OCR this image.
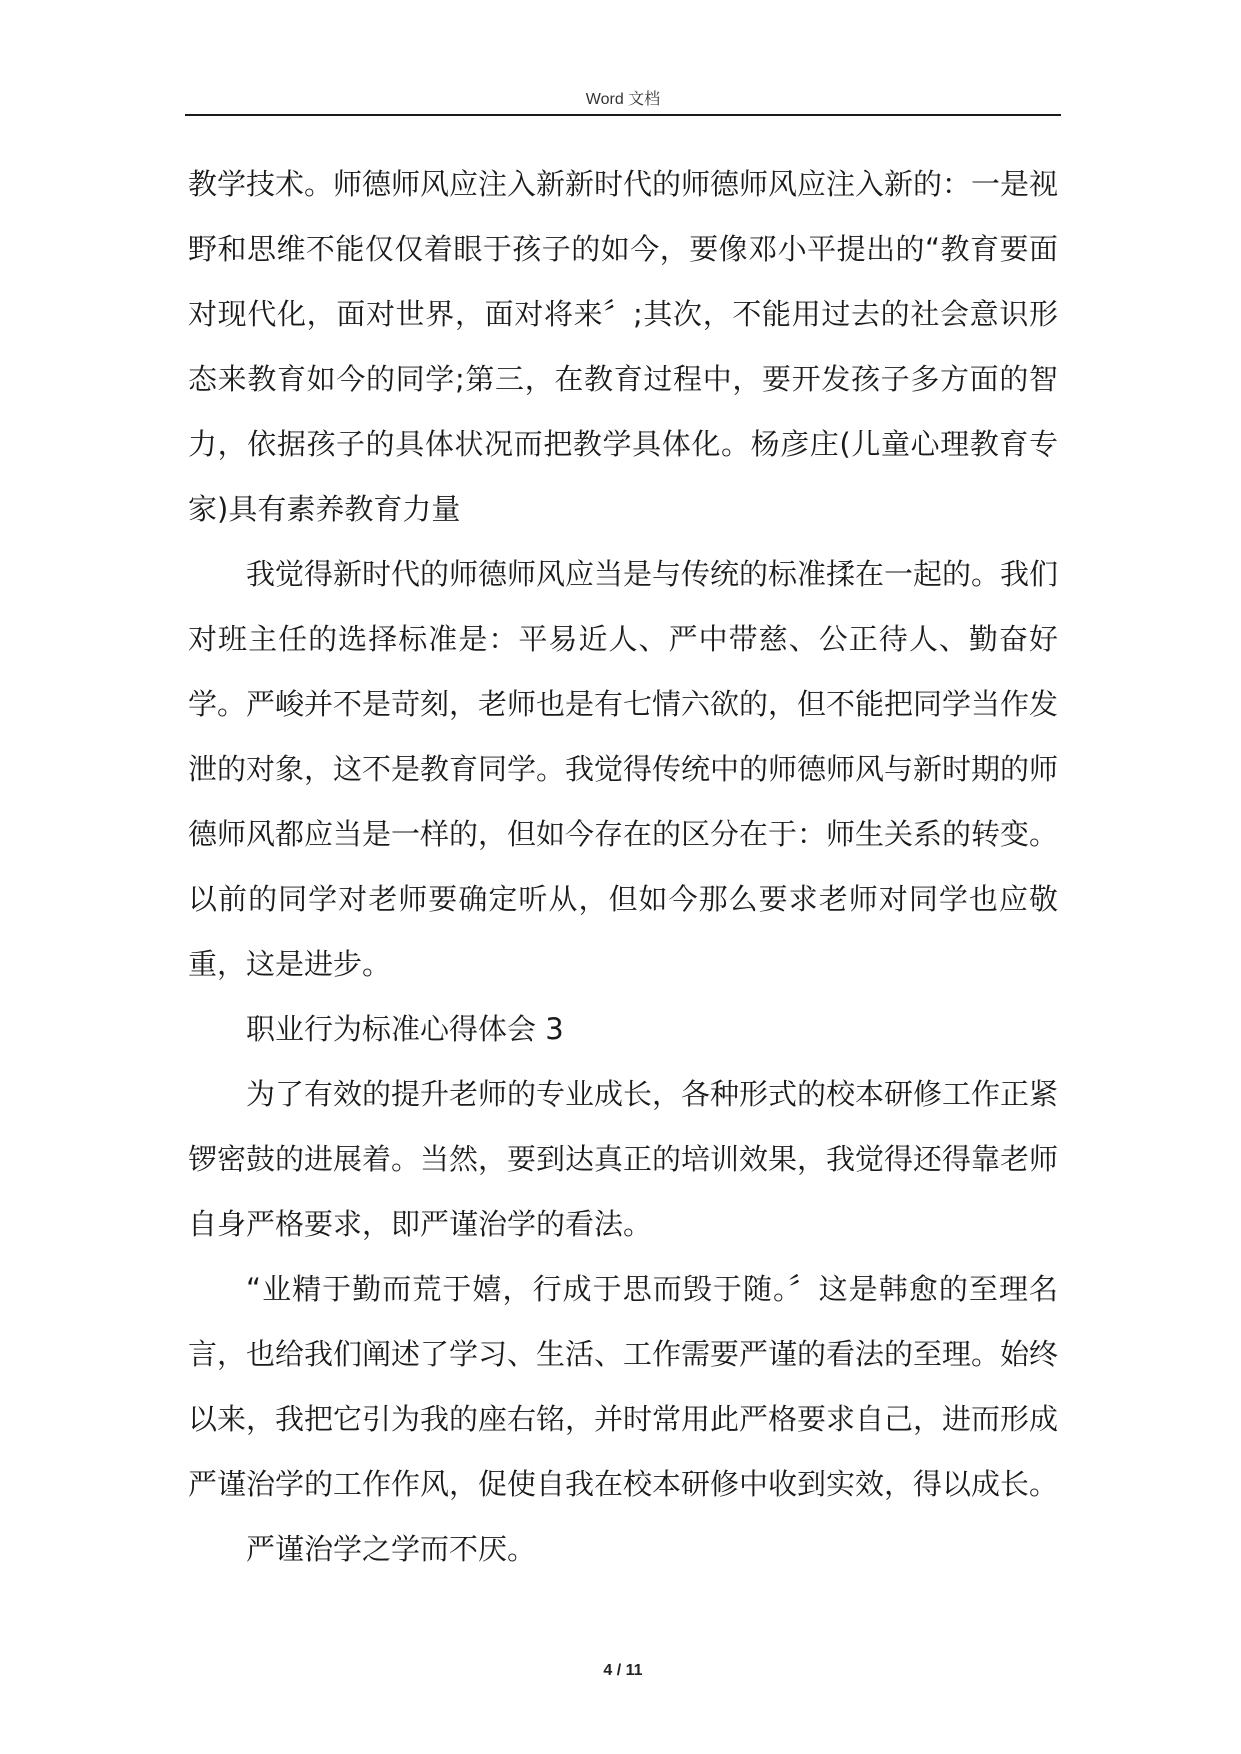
Word 文档

教学技术。师德师风应注入新新时代的师德师风应注入新的：一是视野和思维不能仅仅着眼于孩子的如今，要像邓小平提出的“教育要面对现代化，面对世界，面对将来〞;其次，不能用过去的社会意识形态来教育如今的同学;第三，在教育过程中，要开发孩子多方面的智力，依据孩子的具体状况而把教学具体化。杨彦庄(儿童心理教育专家)具有素养教育力量

我觉得新时代的师德师风应当是与传统的标准揉在一起的。我们对班主任的选择标准是：平易近人、严中带慈、公正待人、勤奋好学。严峻并不是苛刻，老师也是有七情六欲的，但不能把同学当作发泄的对象，这不是教育同学。我觉得传统中的师德师风与新时期的师德师风都应当是一样的，但如今存在的区分在于：师生关系的转变。以前的同学对老师要确定听从，但如今那么要求老师对同学也应敬重，这是进步。

职业行为标准心得体会 3

为了有效的提升老师的专业成长，各种形式的校本研修工作正紧锣密鼓的进展着。当然，要到达真正的培训效果，我觉得还得靠老师自身严格要求，即严谨治学的看法。

“业精于勤而荒于嬉，行成于思而毁于随。〞这是韩愈的至理名言，也给我们阐述了学习、生活、工作需要严谨的看法的至理。始终以来，我把它引为我的座右铭，并时常用此严格要求自己，进而形成严谨治学的工作作风，促使自我在校本研修中收到实效，得以成长。

严谨治学之学而不厌。

4 / 11
